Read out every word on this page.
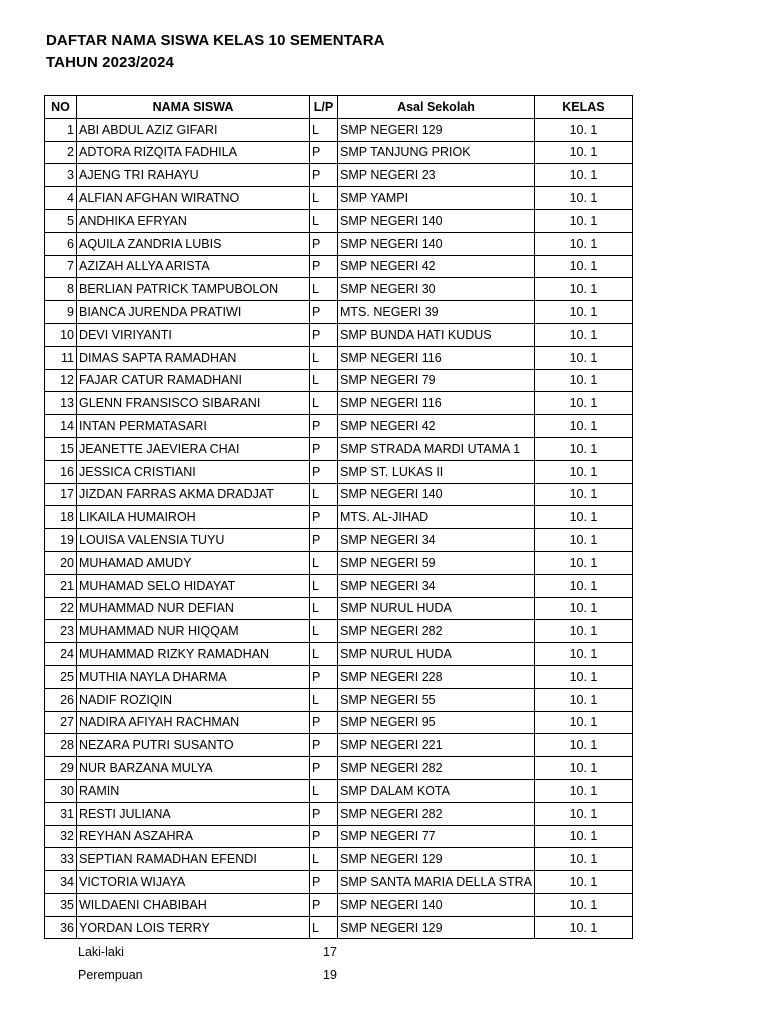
DAFTAR NAMA SISWA KELAS 10 SEMENTARA
TAHUN 2023/2024
NO	NAMA SISWA	L/P	Asal Sekolah	KELAS
1	ABI ABDUL AZIZ GIFARI	L	SMP NEGERI 129	10. 1
2	ADTORA RIZQITA FADHILA	P	SMP TANJUNG PRIOK	10. 1
3	AJENG TRI RAHAYU	P	SMP NEGERI 23	10. 1
4	ALFIAN AFGHAN WIRATNO	L	SMP YAMPI	10. 1
5	ANDHIKA EFRYAN	L	SMP NEGERI 140	10. 1
6	AQUILA ZANDRIA LUBIS	P	SMP NEGERI 140	10. 1
7	AZIZAH ALLYA ARISTA	P	SMP NEGERI 42	10. 1
8	BERLIAN PATRICK TAMPUBOLON	L	SMP NEGERI 30	10. 1
9	BIANCA JURENDA PRATIWI	P	MTS. NEGERI 39	10. 1
10	DEVI VIRIYANTI	P	SMP BUNDA HATI KUDUS	10. 1
11	DIMAS SAPTA RAMADHAN	L	SMP NEGERI 116	10. 1
12	FAJAR CATUR RAMADHANI	L	SMP NEGERI 79	10. 1
13	GLENN FRANSISCO SIBARANI	L	SMP NEGERI 116	10. 1
14	INTAN PERMATASARI	P	SMP NEGERI 42	10. 1
15	JEANETTE JAEVIERA CHAI	P	SMP STRADA MARDI UTAMA 1	10. 1
16	JESSICA CRISTIANI	P	SMP ST. LUKAS II	10. 1
17	JIZDAN FARRAS AKMA DRADJAT	L	SMP NEGERI 140	10. 1
18	LIKAILA HUMAIROH	P	MTS. AL-JIHAD	10. 1
19	LOUISA VALENSIA TUYU	P	SMP NEGERI 34	10. 1
20	MUHAMAD AMUDY	L	SMP NEGERI 59	10. 1
21	MUHAMAD SELO HIDAYAT	L	SMP NEGERI 34	10. 1
22	MUHAMMAD NUR DEFIAN	L	SMP NURUL HUDA	10. 1
23	MUHAMMAD NUR HIQQAM	L	SMP NEGERI 282	10. 1
24	MUHAMMAD RIZKY RAMADHAN	L	SMP NURUL HUDA	10. 1
25	MUTHIA NAYLA DHARMA	P	SMP NEGERI 228	10. 1
26	NADIF ROZIQIN	L	SMP NEGERI 55	10. 1
27	NADIRA AFIYAH RACHMAN	P	SMP NEGERI 95	10. 1
28	NEZARA PUTRI SUSANTO	P	SMP NEGERI 221	10. 1
29	NUR BARZANA MULYA	P	SMP NEGERI 282	10. 1
30	RAMIN	L	SMP DALAM KOTA	10. 1
31	RESTI JULIANA	P	SMP NEGERI 282	10. 1
32	REYHAN ASZAHRA	P	SMP NEGERI 77	10. 1
33	SEPTIAN RAMADHAN EFENDI	L	SMP NEGERI 129	10. 1
34	VICTORIA WIJAYA	P	SMP SANTA MARIA DELLA STRA	10. 1
35	WILDAENI CHABIBAH	P	SMP NEGERI 140	10. 1
36	YORDAN LOIS TERRY	L	SMP NEGERI 129	10. 1
Laki-laki	17
Perempuan	19
